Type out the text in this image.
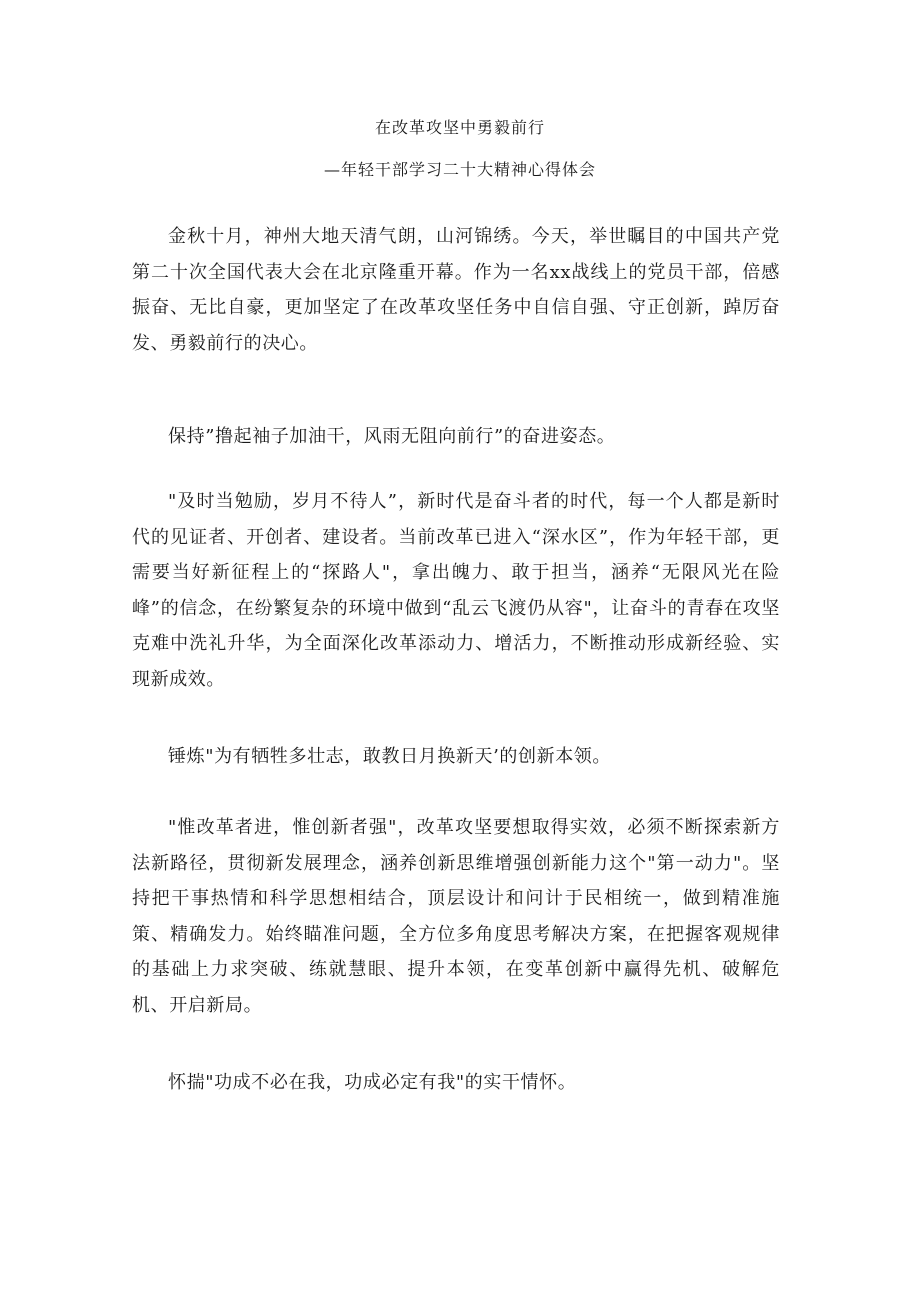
在改革攻坚中勇毅前行
—年轻干部学习二十大精神心得体会
金秋十月，神州大地天清气朗，山河锦绣。今天，举世瞩目的中国共产党第二十次全国代表大会在北京隆重开幕。作为一名xx战线上的党员干部，倍感振奋、无比自豪，更加坚定了在改革攻坚任务中自信自强、守正创新，踔厉奋发、勇毅前行的决心。
保持”撸起袖子加油干，风雨无阻向前行”的奋进姿态。
"及时当勉励，岁月不待人”，新时代是奋斗者的时代，每一个人都是新时代的见证者、开创者、建设者。当前改革已进入“深水区”，作为年轻干部，更需要当好新征程上的“探路人"，拿出魄力、敢于担当，涵养“无限风光在险峰”的信念，在纷繁复杂的环境中做到“乱云飞渡仍从容"，让奋斗的青春在攻坚克难中洗礼升华，为全面深化改革添动力、增活力，不断推动形成新经验、实现新成效。
锤炼"为有牺牲多壮志，敢教日月换新天’的创新本领。
"惟改革者进，惟创新者强"，改革攻坚要想取得实效，必须不断探索新方法新路径，贯彻新发展理念，涵养创新思维增强创新能力这个"第一动力"。坚持把干事热情和科学思想相结合，顶层设计和问计于民相统一，做到精准施策、精确发力。始终瞄准问题，全方位多角度思考解决方案，在把握客观规律的基础上力求突破、练就慧眼、提升本领，在变革创新中赢得先机、破解危机、开启新局。
怀揣"功成不必在我，功成必定有我"的实干情怀。
